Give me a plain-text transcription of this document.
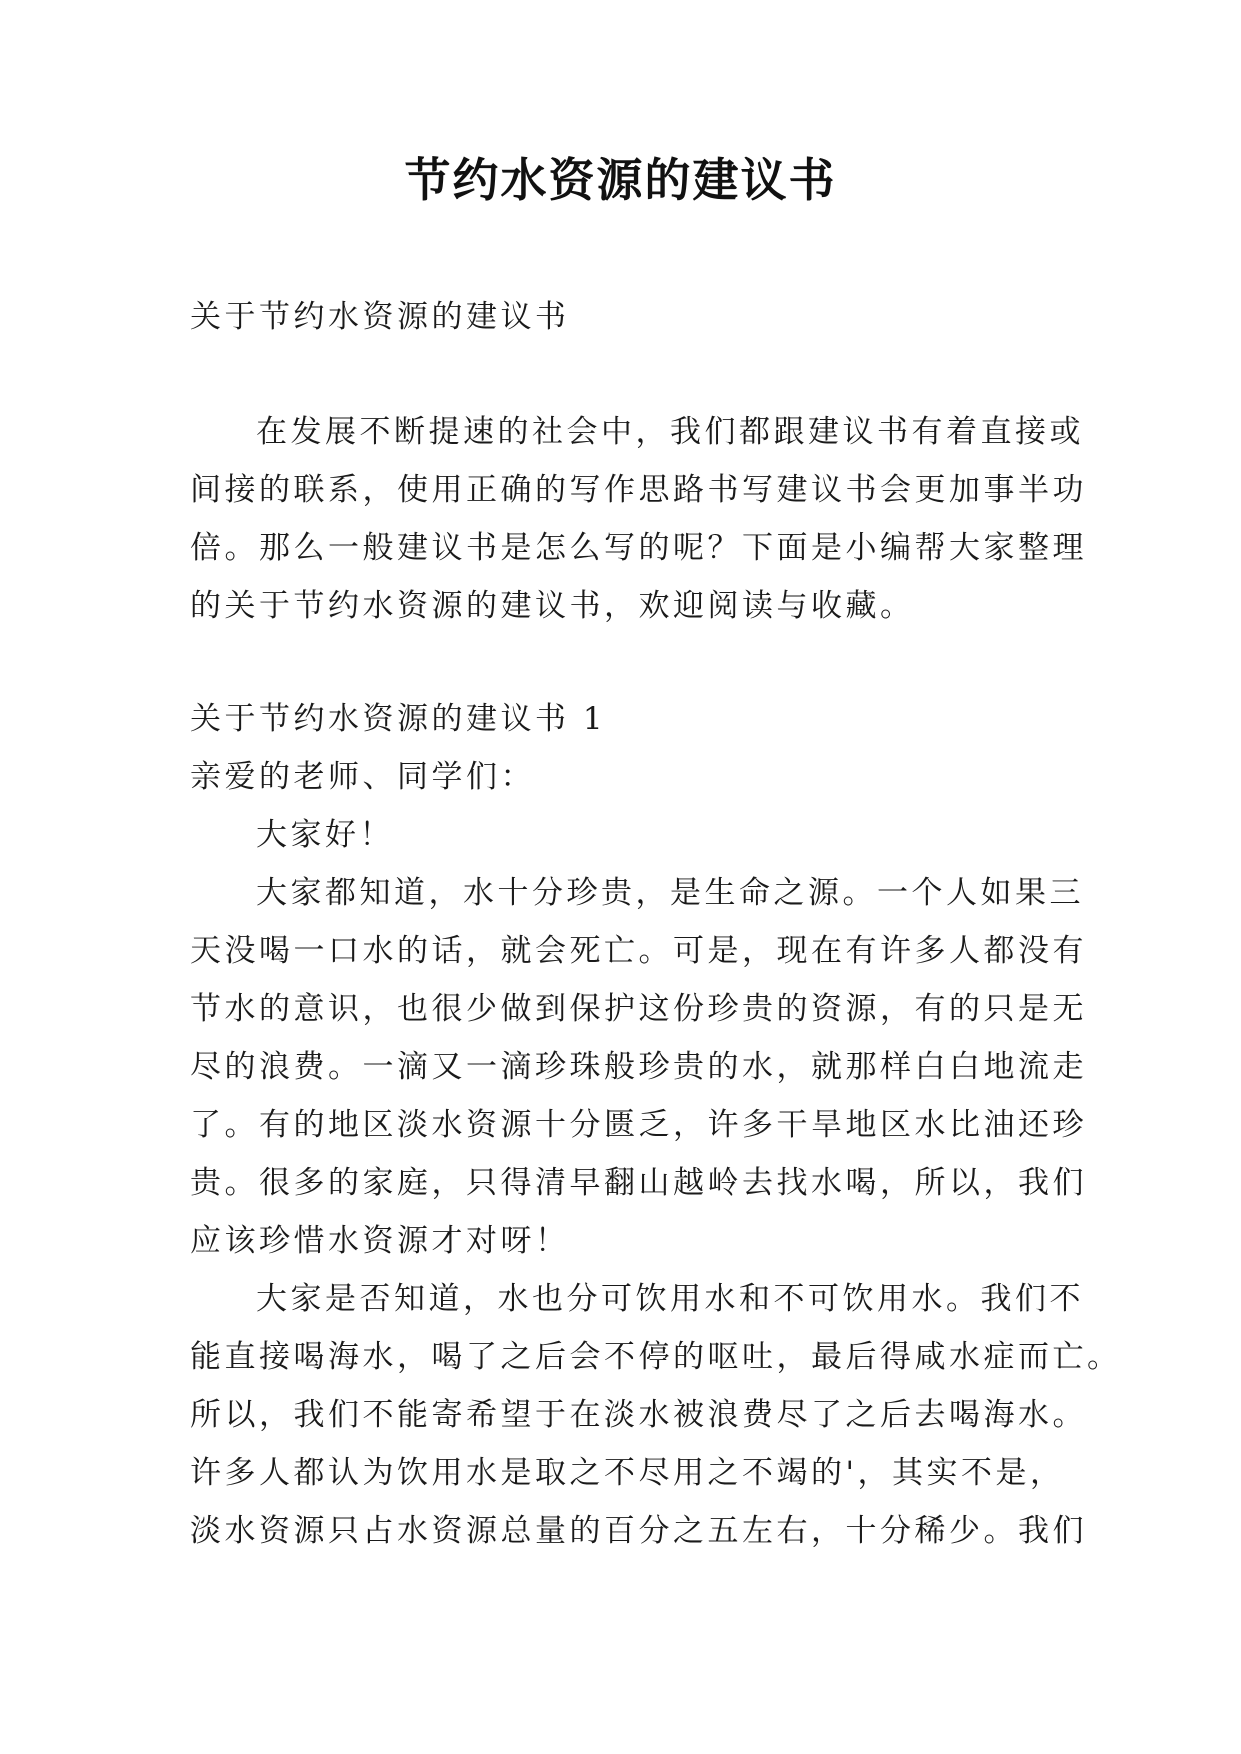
节约水资源的建议书
关于节约水资源的建议书
在发展不断提速的社会中，我们都跟建议书有着直接或
间接的联系，使用正确的写作思路书写建议书会更加事半功
倍。那么一般建议书是怎么写的呢？下面是小编帮大家整理
的关于节约水资源的建议书，欢迎阅读与收藏。
关于节约水资源的建议书 1
亲爱的老师、同学们：
大家好！
大家都知道，水十分珍贵，是生命之源。一个人如果三
天没喝一口水的话，就会死亡。可是，现在有许多人都没有
节水的意识，也很少做到保护这份珍贵的资源，有的只是无
尽的浪费。一滴又一滴珍珠般珍贵的水，就那样白白地流走
了。有的地区淡水资源十分匮乏，许多干旱地区水比油还珍
贵。很多的家庭，只得清早翻山越岭去找水喝，所以，我们
应该珍惜水资源才对呀！
大家是否知道，水也分可饮用水和不可饮用水。我们不
能直接喝海水，喝了之后会不停的呕吐，最后得咸水症而亡。
所以，我们不能寄希望于在淡水被浪费尽了之后去喝海水。
许多人都认为饮用水是取之不尽用之不竭的'，其实不是，
淡水资源只占水资源总量的百分之五左右，十分稀少。我们
